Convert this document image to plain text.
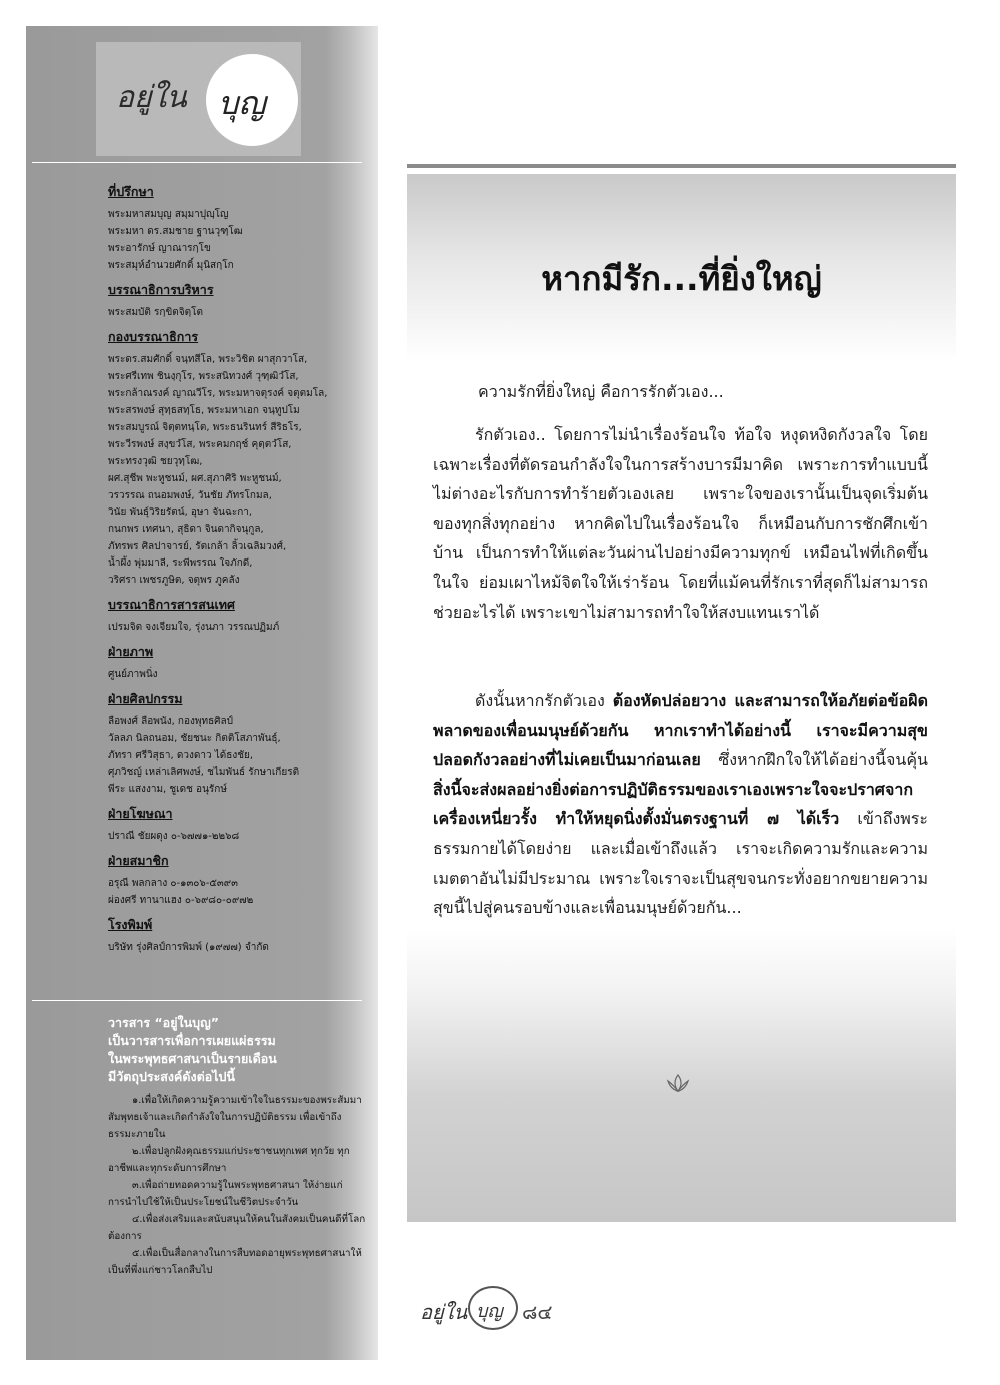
อยู่ใน บุญ
ที่ปรึกษา
พระมหาสมบุญ สมฺมาปุญฺโญ
พระมหา ดร.สมชาย ฐานวุฑฺโฒ
พระอารักษ์ ญาณารกฺโข
พระสมุห์อำนวยศักดิ์ มุนิสกฺโก
บรรณาธิการบริหาร
พระสมบัติ รกฺขิตจิตฺโต
กองบรรณาธิการ
พระดร.สมศักดิ์ จนฺทสีโล, พระวิชิต ผาสุกวาโส,
พระศรีเทพ ชินงฺกุโร, พระสนิทวงศ์ วุฑฺฒิวํโส,
พระกล้าณรงค์ ญาณวีโร, พระมหาจตุรงค์ จตุตมโล,
พระสรพงษ์ สุทฺธสทฺโธ, พระมหาเอก จนฺทูปโม
พระสมบูรณ์ จิตฺตทนฺโต, พระธนรินทร์ สีริธโร,
พระวีรพงษ์ สงฺขวํโส, พระคมกฤช์ คุตฺตวํโส,
พระทรงวุฒิ ชยวุทฺโฒ,
ผศ.สุชีพ พะหูชนม์, ผศ.สุภาศิริ พะหูชนม์,
วรวรรณ ถนอมพงษ์, วันชัย ภัทรโกมล,
วินัย พันธุ์วิริยรัตน์, อุษา จันฉะกา,
กนกพร เทศนา, สุธิดา จินดากิจนุกูล,
ภัทรพร ศิลปาจารย์, รัตเกล้า ลิ้วเฉลิมวงศ์,
น้ำผึ้ง พุ่มมาลี, ระพีพรรณ ใจภักดี,
วริศรา เพชรภูษิต, จตุพร ภูคลัง
บรรณาธิการสารสนเทศ
เปรมจิต จงเจียมใจ, รุ่งนภา วรรณปฏิมภ์
ฝ่ายภาพ
ศูนย์ภาพนิ่ง
ฝ่ายศิลปกรรม
ลือพงศ์ ลือพนัง, กองพุทธศิลป์
วัลลภ นิลถนอม, ชัยชนะ กิตติโสภาพันธุ์,
ภัทรา ศรีวิสุธา, ดวงดาว ได้ธงชัย,
ศุภวิชญ์ เหล่าเลิศพงษ์, ชไมพันธ์ รักษาเกียรติ
พีระ แสงงาม, ชูเดช อนุรักษ์
ฝ่ายโฆษณา
ปราณี ชัยผดุง ๐-๖๗๗๑-๒๒๖๘
ฝ่ายสมาชิก
อรุณี พลกลาง ๐-๑๓๐๖-๕๓๙๓
ผ่องศรี ทานาแฮง ๐-๖๙๘๐-๐๙๗๒
โรงพิมพ์
บริษัท รุ่งศิลป์การพิมพ์ (๑๙๗๗) จำกัด
วารสาร “อยู่ในบุญ”
เป็นวารสารเพื่อการเผยแผ่ธรรม
ในพระพุทธศาสนาเป็นรายเดือน
มีวัตถุประสงค์ดังต่อไปนี้
๑.เพื่อให้เกิดความรู้ความเข้าใจในธรรมะของพระสัมมาสัมพุทธเจ้าและเกิดกำลังใจในการปฏิบัติธรรม เพื่อเข้าถึงธรรมะภายใน
๒.เพื่อปลูกฝังคุณธรรมแก่ประชาชนทุกเพศ ทุกวัย ทุกอาชีพและทุกระดับการศึกษา
๓.เพื่อถ่ายทอดความรู้ในพระพุทธศาสนา ให้ง่ายแก่การนำไปใช้ให้เป็นประโยชน์ในชีวิตประจำวัน
๔.เพื่อส่งเสริมและสนับสนุนให้คนในสังคมเป็นคนดีที่โลกต้องการ
๕.เพื่อเป็นสื่อกลางในการสืบทอดอายุพระพุทธศาสนาให้เป็นที่พึ่งแก่ชาวโลกสืบไป
หากมีรัก...ที่ยิ่งใหญ่
ความรักที่ยิ่งใหญ่ คือการรักตัวเอง...
รักตัวเอง.. โดยการไม่นำเรื่องร้อนใจ ท้อใจ หงุดหงิดกังวลใจ โดยเฉพาะเรื่องที่ตัดรอนกำลังใจในการสร้างบารมีมาคิด เพราะการทำแบบนี้ ไม่ต่างอะไรกับการทำร้ายตัวเองเลย เพราะใจของเรานั้นเป็นจุดเริ่มต้นของทุกสิ่งทุกอย่าง หากคิดไปในเรื่องร้อนใจ ก็เหมือนกับการชักศึกเข้าบ้าน เป็นการทำให้แต่ละวันผ่านไปอย่างมีความทุกข์ เหมือนไฟที่เกิดขึ้นในใจ ย่อมเผาไหม้จิตใจให้เร่าร้อน โดยที่แม้คนที่รักเราที่สุดก็ไม่สามารถช่วยอะไรได้ เพราะเขาไม่สามารถทำใจให้สงบแทนเราได้
ดังนั้นหากรักตัวเอง ต้องหัดปล่อยวาง และสามารถให้อภัยต่อข้อผิดพลาดของเพื่อนมนุษย์ด้วยกัน หากเราทำได้อย่างนี้ เราจะมีความสุข ปลอดกังวลอย่างที่ไม่เคยเป็นมาก่อนเลย ซึ่งหากฝึกใจให้ได้อย่างนี้จนคุ้น สิ่งนี้จะส่งผลอย่างยิ่งต่อการปฏิบัติธรรมของเราเองเพราะใจจะปราศจากเครื่องเหนี่ยวรั้ง ทำให้หยุดนิ่งตั้งมั่นตรงฐานที่ ๗ ได้เร็ว เข้าถึงพระธรรมกายได้โดยง่าย และเมื่อเข้าถึงแล้ว เราจะเกิดความรักและความเมตตาอันไม่มีประมาณ เพราะใจเราจะเป็นสุขจนกระทั่งอยากขยายความสุขนี้ไปสู่คนรอบข้างและเพื่อนมนุษย์ด้วยกัน...
อยู่ใน บุญ ๘๔
